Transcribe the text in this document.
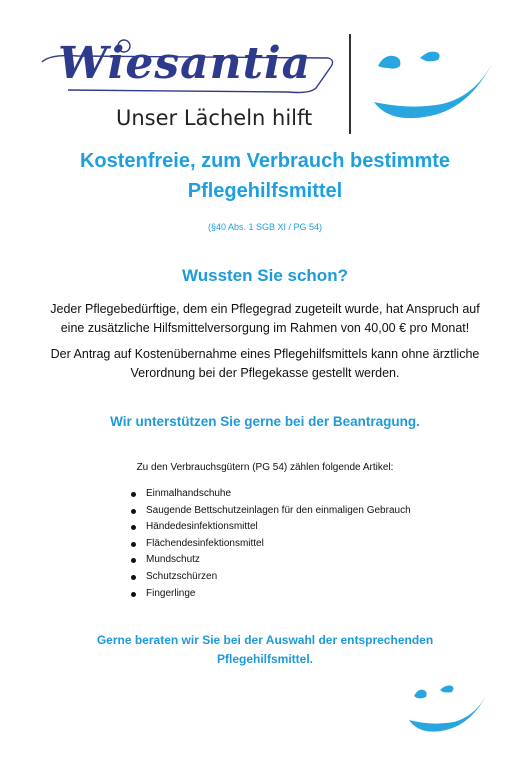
Wiesantia
Unser Lächeln hilft
Kostenfreie, zum Verbrauch bestimmte
Pflegehilfsmittel
(§40 Abs. 1 SGB XI / PG 54)
Wussten Sie schon?
Jeder Pflegebedürftige, dem ein Pflegegrad zugeteilt wurde, hat Anspruch auf
eine zusätzliche Hilfsmittelversorgung im Rahmen von 40,00 € pro Monat!
Der Antrag auf Kostenübernahme eines Pflegehilfsmittels kann ohne ärztliche
Verordnung bei der Pflegekasse gestellt werden.
Wir unterstützen Sie gerne bei der Beantragung.
Zu den Verbrauchsgütern (PG 54) zählen folgende Artikel:
Einmalhandschuhe
Saugende Bettschutzeinlagen für den einmaligen Gebrauch
Händedesinfektionsmittel
Flächendesinfektionsmittel
Mundschutz
Schutzschürzen
Fingerlinge
Gerne beraten wir Sie bei der Auswahl der entsprechenden
Pflegehilfsmittel.
